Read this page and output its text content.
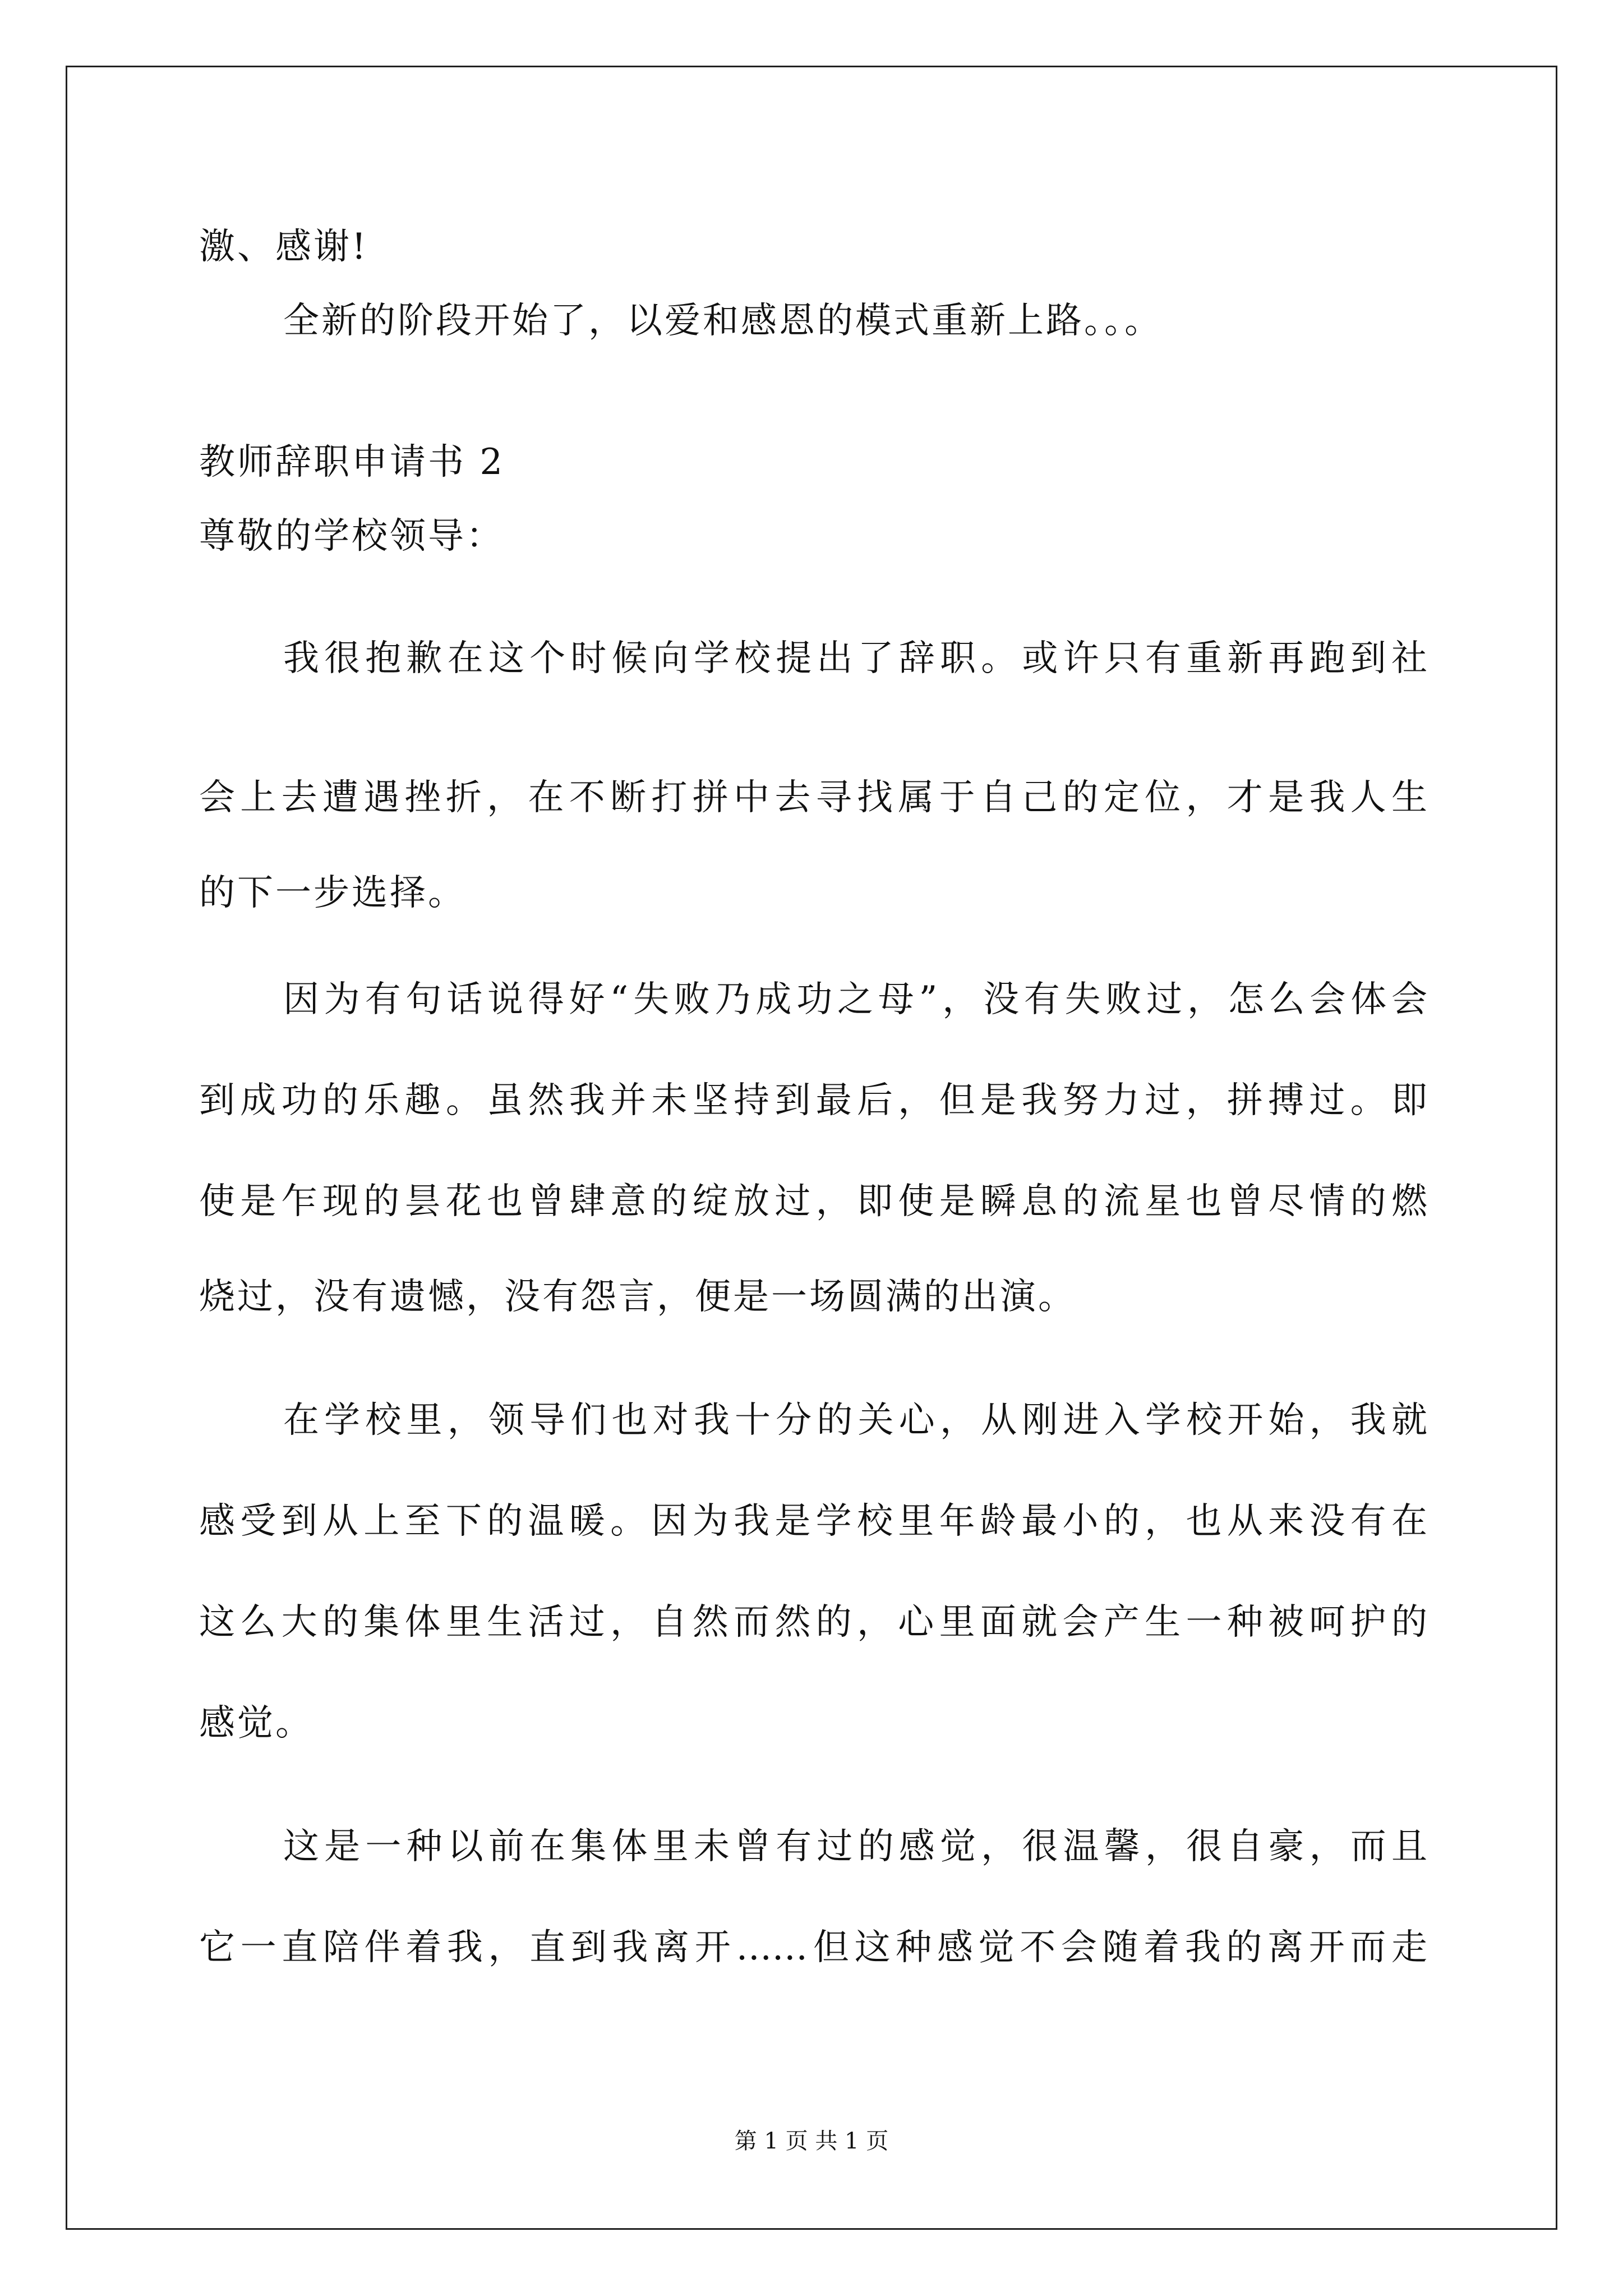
激、感谢!
全新的阶段开始了，以爱和感恩的模式重新上路。。。
教师辞职申请书 2
尊敬的学校领导：
我很抱歉在这个时候向学校提出了辞职。或许只有重新再跑到社
会上去遭遇挫折，在不断打拼中去寻找属于自己的定位，才是我人生
的下一步选择。
因为有句话说得好“失败乃成功之母”，没有失败过，怎么会体会
到成功的乐趣。虽然我并未坚持到最后，但是我努力过，拼搏过。即
使是乍现的昙花也曾肆意的绽放过，即使是瞬息的流星也曾尽情的燃
烧过，没有遗憾，没有怨言，便是一场圆满的出演。
在学校里，领导们也对我十分的关心，从刚进入学校开始，我就
感受到从上至下的温暖。因为我是学校里年龄最小的，也从来没有在
这么大的集体里生活过，自然而然的，心里面就会产生一种被呵护的
感觉。
这是一种以前在集体里未曾有过的感觉，很温馨，很自豪，而且
它一直陪伴着我，直到我离开……但这种感觉不会随着我的离开而走
第 1 页 共 1 页
